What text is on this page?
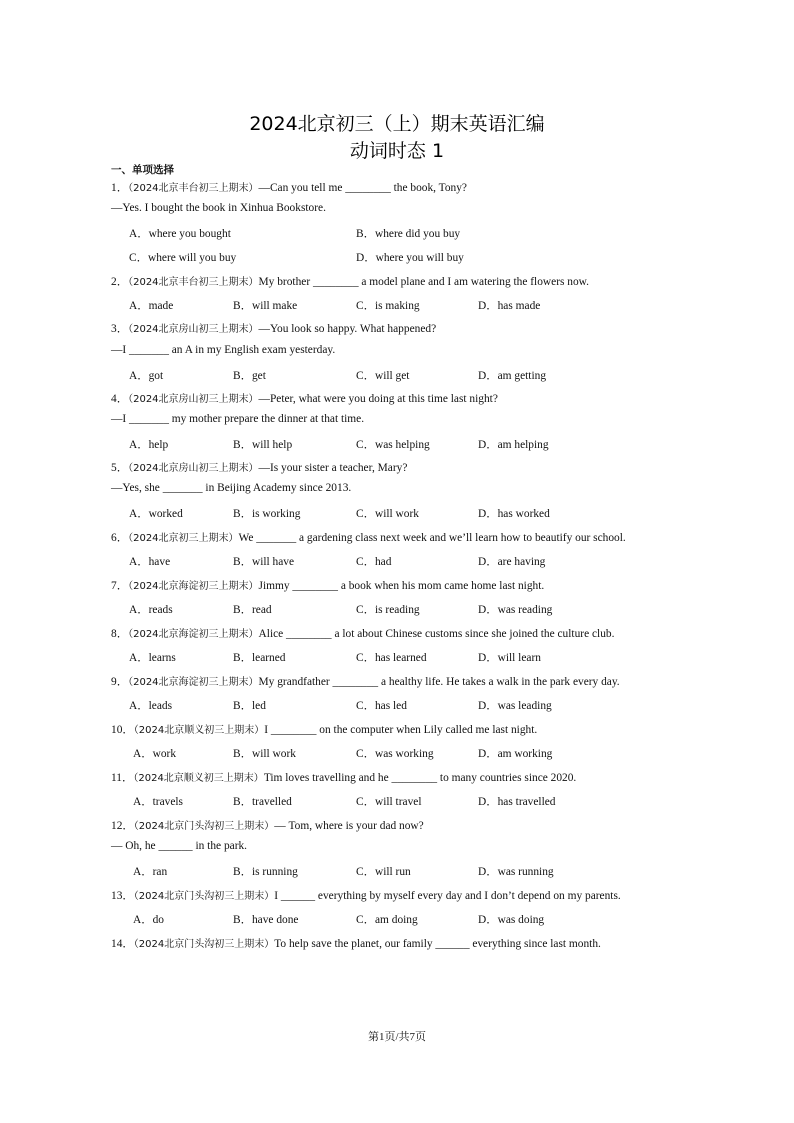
2024北京初三（上）期末英语汇编
动词时态 1
一、单项选择
1．（2024北京丰台初三上期末）—Can you tell me ________ the book, Tony?
—Yes. I bought the book in Xinhua Bookstore.
A．where you bought	B．where did you buy
C．where will you buy	D．where you will buy
2．（2024北京丰台初三上期末）My brother ________ a model plane and I am watering the flowers now.
A．made	B．will make	C．is making	D．has made
3．（2024北京房山初三上期末）—You look so happy. What happened?
—I _______ an A in my English exam yesterday.
A．got	B．get	C．will get	D．am getting
4．（2024北京房山初三上期末）—Peter, what were you doing at this time last night?
—I _______ my mother prepare the dinner at that time.
A．help	B．will help	C．was helping	D．am helping
5．（2024北京房山初三上期末）—Is your sister a teacher, Mary?
—Yes, she _______ in Beijing Academy since 2013.
A．worked	B．is working	C．will work	D．has worked
6．（2024北京初三上期末）We _______ a gardening class next week and we’ll learn how to beautify our school.
A．have	B．will have	C．had	D．are having
7．（2024北京海淀初三上期末）Jimmy ________ a book when his mom came home last night.
A．reads	B．read	C．is reading	D．was reading
8．（2024北京海淀初三上期末）Alice ________ a lot about Chinese customs since she joined the culture club.
A．learns	B．learned	C．has learned	D．will learn
9．（2024北京海淀初三上期末）My grandfather ________ a healthy life. He takes a walk in the park every day.
A．leads	B．led	C．has led	D．was leading
10．（2024北京顺义初三上期末）I ________ on the computer when Lily called me last night.
A．work	B．will work	C．was working	D．am working
11．（2024北京顺义初三上期末）Tim loves travelling and he ________ to many countries since 2020.
A．travels	B．travelled	C．will travel	D．has travelled
12．（2024北京门头沟初三上期末）— Tom, where is your dad now?
— Oh, he ______ in the park.
A．ran	B．is running	C．will run	D．was running
13．（2024北京门头沟初三上期末）I ______ everything by myself every day and I don’t depend on my parents.
A．do	B．have done	C．am doing	D．was doing
14．（2024北京门头沟初三上期末）To help save the planet, our family ______ everything since last month.
第1页/共7页
